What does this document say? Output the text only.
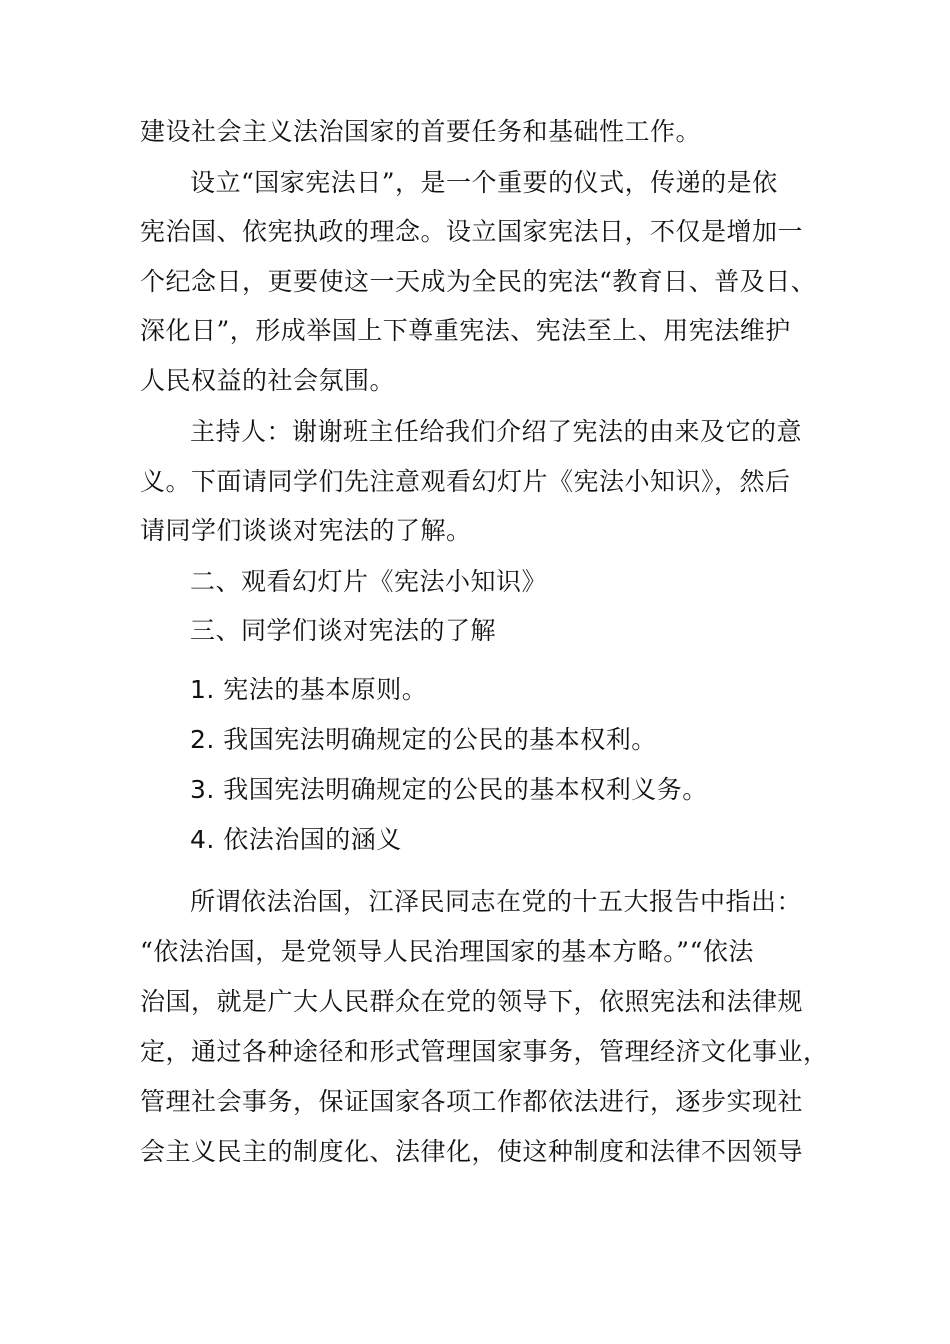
建设社会主义法治国家的首要任务和基础性工作。
设立“国家宪法日”，是一个重要的仪式，传递的是依
宪治国、依宪执政的理念。设立国家宪法日，不仅是增加一
个纪念日，更要使这一天成为全民的宪法“教育日、普及日、
深化日”，形成举国上下尊重宪法、宪法至上、用宪法维护
人民权益的社会氛围。
主持人：谢谢班主任给我们介绍了宪法的由来及它的意
义。下面请同学们先注意观看幻灯片《宪法小知识》，然后
请同学们谈谈对宪法的了解。
二、观看幻灯片《宪法小知识》
三、同学们谈对宪法的了解
1. 宪法的基本原则。
2. 我国宪法明确规定的公民的基本权利。
3. 我国宪法明确规定的公民的基本权利义务。
4. 依法治国的涵义
所谓依法治国，江泽民同志在党的十五大报告中指出：
“依法治国，是党领导人民治理国家的基本方略。”“依法
治国，就是广大人民群众在党的领导下，依照宪法和法律规
定，通过各种途径和形式管理国家事务，管理经济文化事业，
管理社会事务，保证国家各项工作都依法进行，逐步实现社
会主义民主的制度化、法律化，使这种制度和法律不因领导
